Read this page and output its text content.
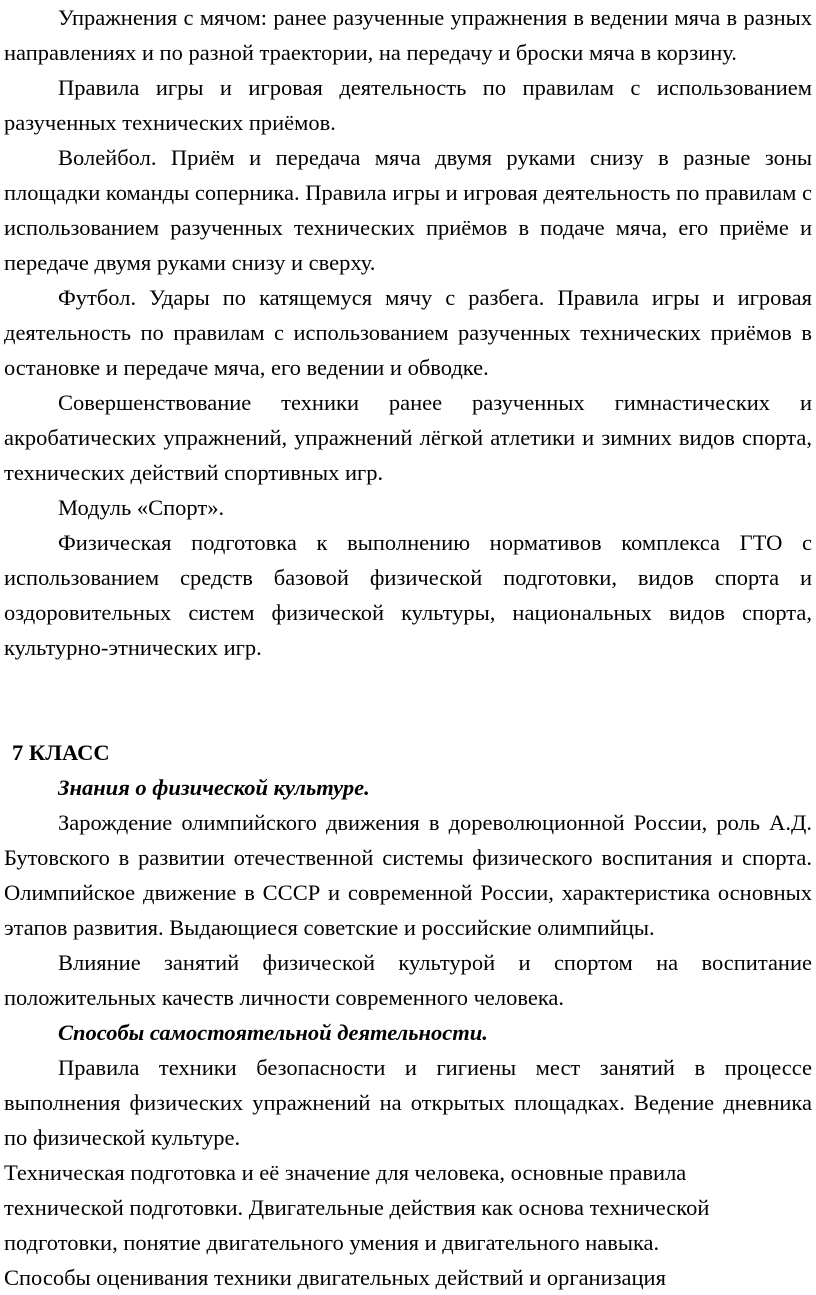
Упражнения с мячом: ранее разученные упражнения в ведении мяча в разных направлениях и по разной траектории, на передачу и броски мяча в корзину.

Правила игры и игровая деятельность по правилам с использованием разученных технических приёмов.

Волейбол. Приём и передача мяча двумя руками снизу в разные зоны площадки команды соперника. Правила игры и игровая деятельность по правилам с использованием разученных технических приёмов в подаче мяча, его приёме и передаче двумя руками снизу и сверху.

Футбол. Удары по катящемуся мячу с разбега. Правила игры и игровая деятельность по правилам с использованием разученных технических приёмов в остановке и передаче мяча, его ведении и обводке.

Совершенствование техники ранее разученных гимнастических и акробатических упражнений, упражнений лёгкой атлетики и зимних видов спорта, технических действий спортивных игр.

Модуль «Спорт».

Физическая подготовка к выполнению нормативов комплекса ГТО с использованием средств базовой физической подготовки, видов спорта и оздоровительных систем физической культуры, национальных видов спорта, культурно-этнических игр.

7 КЛАСС

Знания о физической культуре.

Зарождение олимпийского движения в дореволюционной России, роль А.Д. Бутовского в развитии отечественной системы физического воспитания и спорта. Олимпийское движение в СССР и современной России, характеристика основных этапов развития. Выдающиеся советские и российские олимпийцы.

Влияние занятий физической культурой и спортом на воспитание положительных качеств личности современного человека.

Способы самостоятельной деятельности.

Правила техники безопасности и гигиены мест занятий в процессе выполнения физических упражнений на открытых площадках. Ведение дневника по физической культуре.

Техническая подготовка и её значение для человека, основные правила

технической подготовки. Двигательные действия как основа технической

подготовки, понятие двигательного умения и двигательного навыка.

Способы оценивания техники двигательных действий и организация
